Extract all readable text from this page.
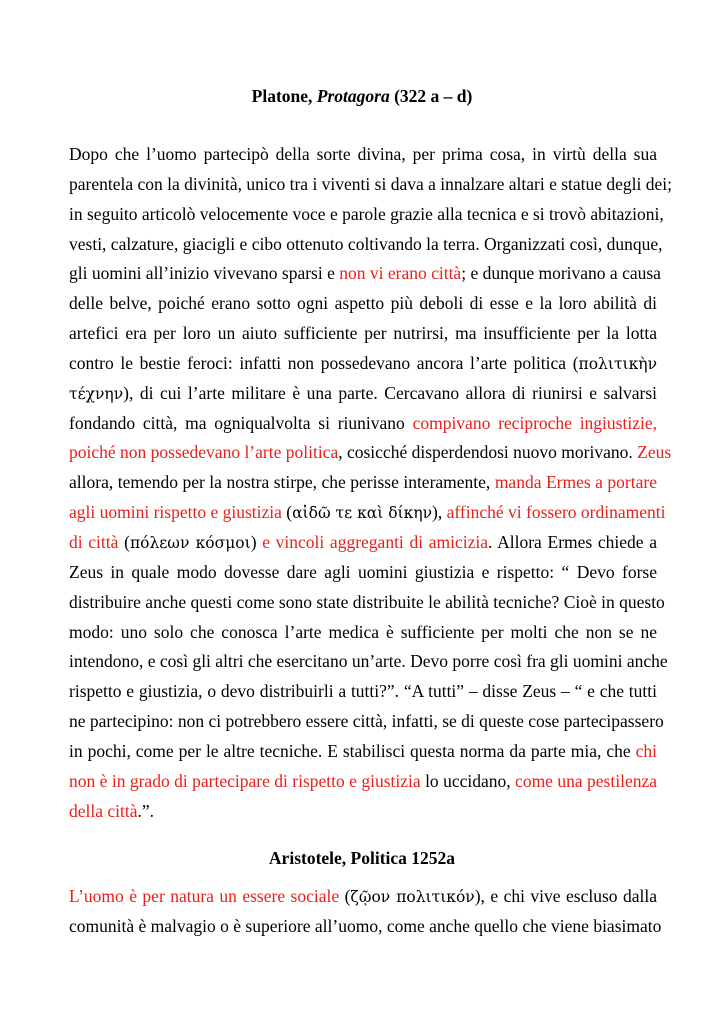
Platone, Protagora (322 a – d)
Dopo che l’uomo partecipò della sorte divina, per prima cosa, in virtù della sua
parentela con la divinità, unico tra i viventi si dava a innalzare altari e statue degli dei;
in seguito articolò velocemente voce e parole grazie alla tecnica e si trovò abitazioni,
vesti, calzature, giacigli e cibo ottenuto coltivando la terra. Organizzati così, dunque,
gli uomini all’inizio vivevano sparsi e non vi erano città; e dunque morivano a causa
delle belve, poiché erano sotto ogni aspetto più deboli di esse e la loro abilità di
artefici era per loro un aiuto sufficiente per nutrirsi, ma insufficiente per la lotta
contro le bestie feroci: infatti non possedevano ancora l’arte politica (πολιτικὴν
τέχνην), di cui l’arte militare è una parte. Cercavano allora di riunirsi e salvarsi
fondando città, ma ogniqualvolta si riunivano compivano reciproche ingiustizie,
poiché non possedevano l’arte politica, cosicché disperdendosi nuovo morivano. Zeus
allora, temendo per la nostra stirpe, che perisse interamente, manda Ermes a portare
agli uomini rispetto e giustizia (αἰδῶ τε καὶ δίκην), affinché vi fossero ordinamenti
di città (πόλεων κόσμοι) e vincoli aggreganti di amicizia. Allora Ermes chiede a
Zeus in quale modo dovesse dare agli uomini giustizia e rispetto: “ Devo forse
distribuire anche questi come sono state distribuite le abilità tecniche? Cioè in questo
modo: uno solo che conosca l’arte medica è sufficiente per molti che non se ne
intendono, e così gli altri che esercitano un’arte. Devo porre così fra gli uomini anche
rispetto e giustizia, o devo distribuirli a tutti?”. “A tutti” – disse Zeus – “ e che tutti
ne partecipino: non ci potrebbero essere città, infatti, se di queste cose partecipassero
in pochi, come per le altre tecniche. E stabilisci questa norma da parte mia, che chi
non è in grado di partecipare di rispetto e giustizia lo uccidano, come una pestilenza
della città.”.
Aristotele, Politica 1252a
L’uomo è per natura un essere sociale (ζῷον πολιτικόν), e chi vive escluso dalla
comunità è malvagio o è superiore all’uomo, come anche quello che viene biasimato
